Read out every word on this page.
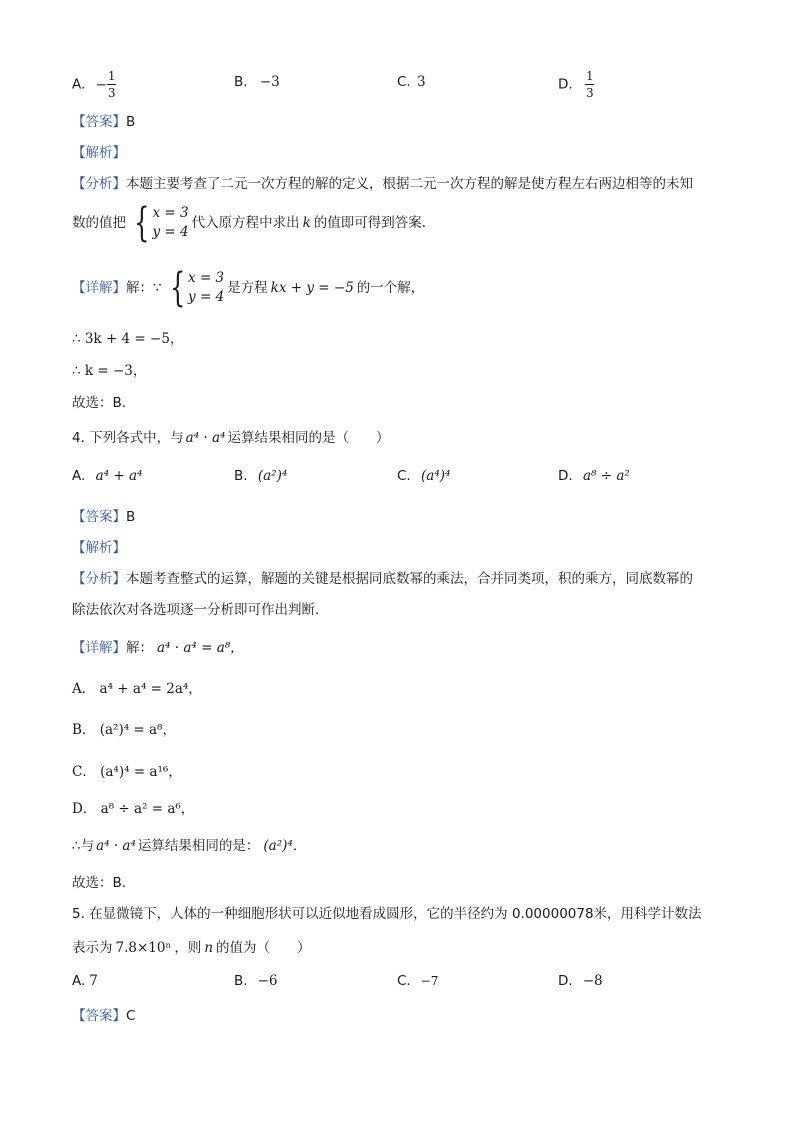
A. − $\frac{1}{3}$	B. −3	C. 3	D. $\frac{1}{3}$
【答案】B
【解析】
【分析】本题主要考查了二元一次方程的解的定义，根据二元一次方程的解是使方程左右两边相等的未知
数的值把 { x = 3
y = 4
代入原方程中求出 k 的值即可得到答案．
【详解】解：∵ { x = 3
y = 4
是方程 kx + y = −5 的一个解，
∴ 3k + 4 = −5，
∴ k = −3，
故选：B．
4. 下列各式中，与 a⁴ · a⁴ 运算结果相同的是（　　）
A. a⁴ + a⁴	B. (a²)⁴	C. (a⁴)⁴	D. a⁸ ÷ a²
【答案】B
【解析】
【分析】本题考查整式的运算，解题的关键是根据同底数幂的乘法，合并同类项，积的乘方，同底数幂的
除法依次对各选项逐一分析即可作出判断．
【详解】解： a⁴ · a⁴ = a⁸，
A． a⁴ + a⁴ = 2a⁴，
B． (a²)⁴ = a⁸，
C． (a⁴)⁴ = a¹⁶，
D． a⁸ ÷ a² = a⁶，
∴与 a⁴ · a⁴ 运算结果相同的是： (a²)⁴．
故选：B．
5. 在显微镜下，人体的一种细胞形状可以近似地看成圆形，它的半径约为 0.00000078米，用科学计数法
表示为 7.8×10ⁿ ，则 n 的值为（　　）
A. 7	B. −6	C. −7	D. −8
【答案】C
